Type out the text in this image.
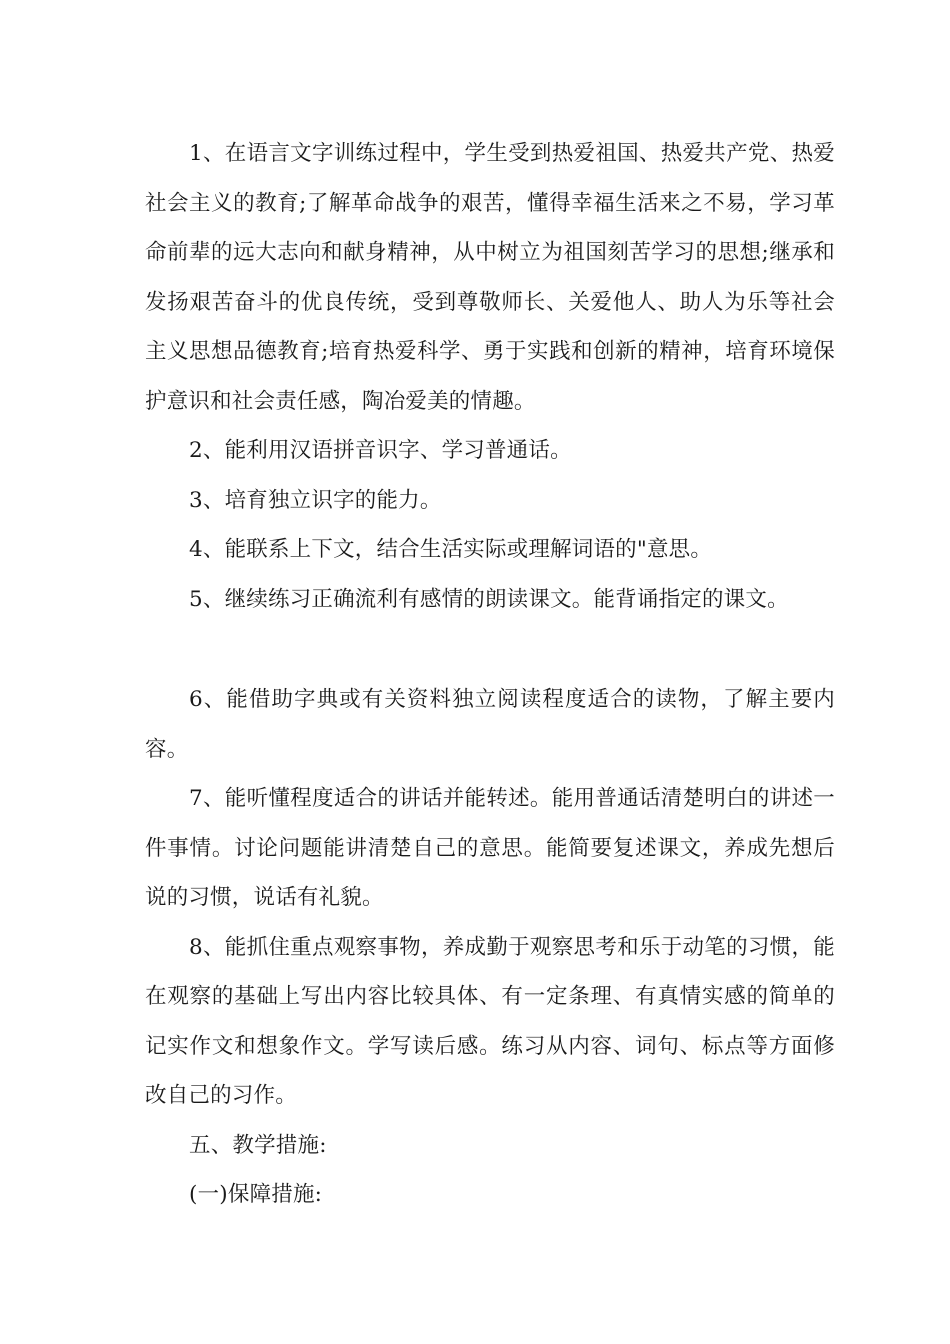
1、在语言文字训练过程中，学生受到热爱祖国、热爱共产党、热爱社会主义的教育;了解革命战争的艰苦，懂得幸福生活来之不易，学习革命前辈的远大志向和献身精神，从中树立为祖国刻苦学习的思想;继承和发扬艰苦奋斗的优良传统，受到尊敬师长、关爱他人、助人为乐等社会主义思想品德教育;培育热爱科学、勇于实践和创新的精神，培育环境保护意识和社会责任感，陶冶爱美的情趣。

2、能利用汉语拼音识字、学习普通话。

3、培育独立识字的能力。

4、能联系上下文，结合生活实际或理解词语的"意思。

5、继续练习正确流利有感情的朗读课文。能背诵指定的课文。

6、能借助字典或有关资料独立阅读程度适合的读物，了解主要内容。

7、能听懂程度适合的讲话并能转述。能用普通话清楚明白的讲述一件事情。讨论问题能讲清楚自己的意思。能简要复述课文，养成先想后说的习惯，说话有礼貌。

8、能抓住重点观察事物，养成勤于观察思考和乐于动笔的习惯，能在观察的基础上写出内容比较具体、有一定条理、有真情实感的简单的记实作文和想象作文。学写读后感。练习从内容、词句、标点等方面修改自己的习作。

五、教学措施:

(一)保障措施:
